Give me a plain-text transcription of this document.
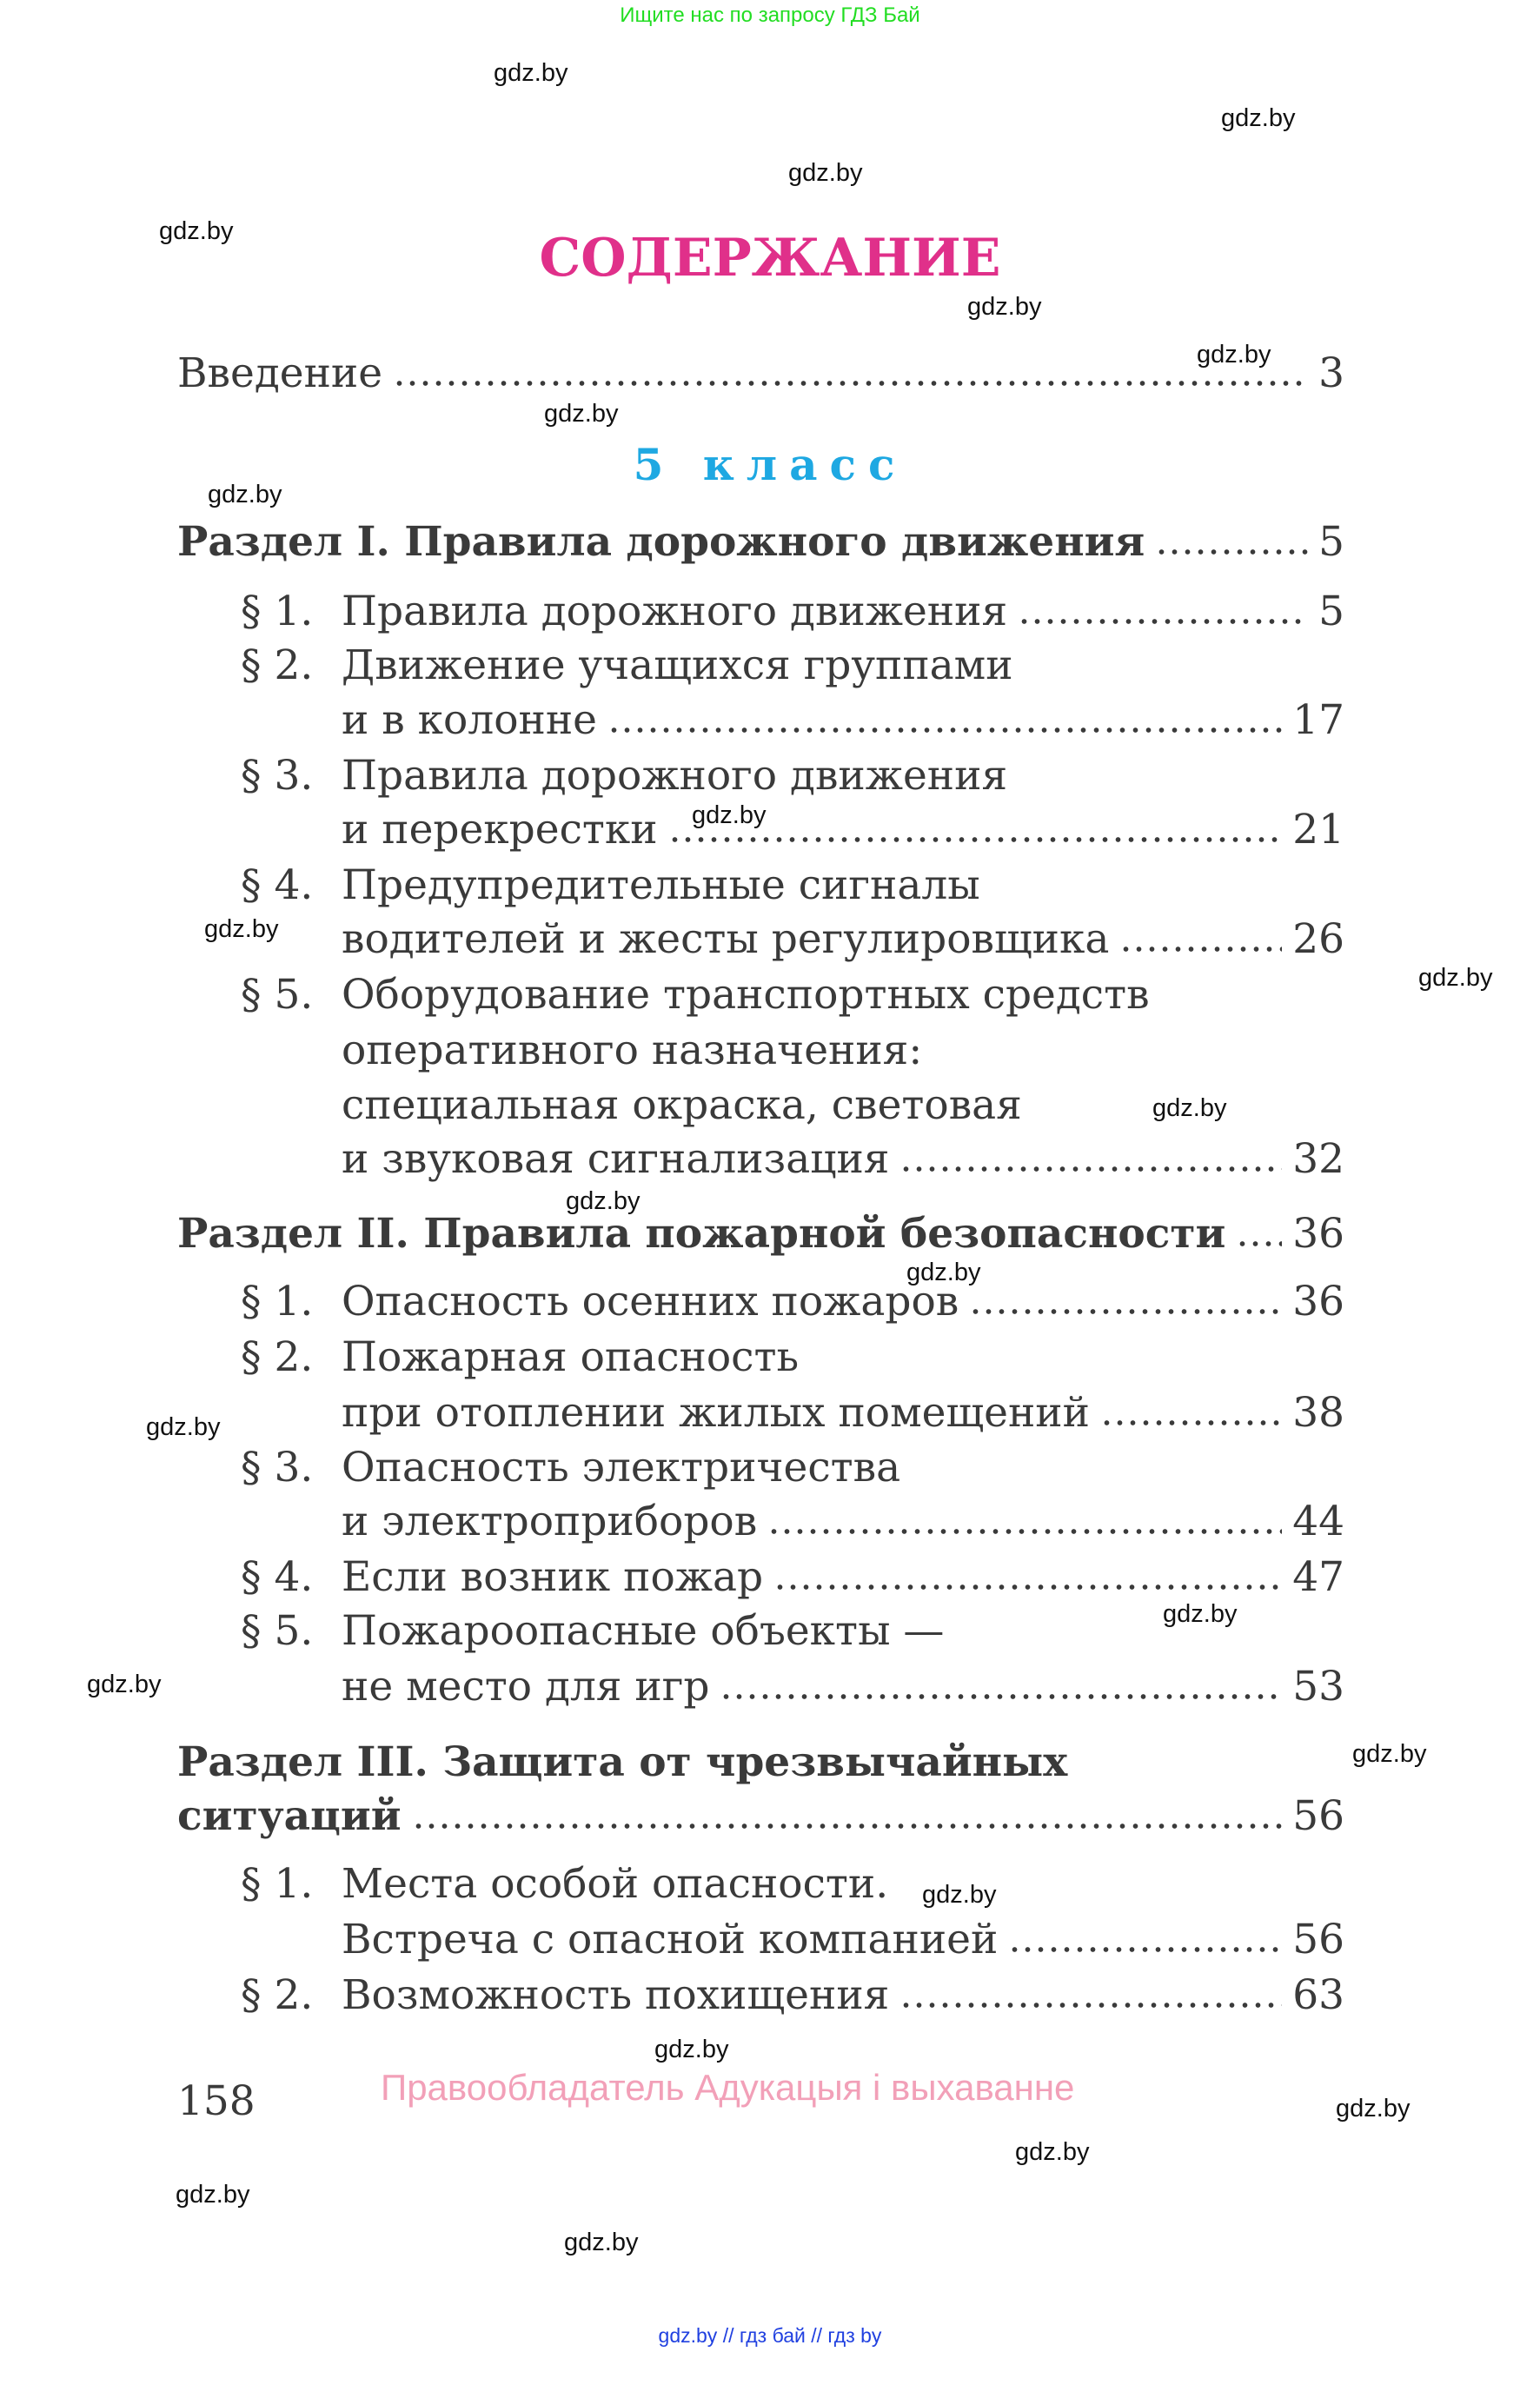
Ищите нас по запросу ГДЗ Бай
СОДЕРЖАНИЕ
Введение	3
5 класс
Раздел I. Правила дорожного движения	5
§ 1. Правила дорожного движения	5
§ 2. Движение учащихся группами
и в колонне	17
§ 3. Правила дорожного движения
и перекрестки	21
§ 4. Предупредительные сигналы
водителей и жесты регулировщика	26
§ 5. Оборудование транспортных средств
оперативного назначения:
специальная окраска, световая
и звуковая сигнализация	32
Раздел II. Правила пожарной безопасности 36
§ 1. Опасность осенних пожаров	36
§ 2. Пожарная опасность
при отоплении жилых помещений	38
§ 3. Опасность электричества
и электроприборов	44
§ 4. Если возник пожар	47
§ 5. Пожароопасные объекты —
не место для игр	53
Раздел III. Защита от чрезвычайных
ситуаций	56
§ 1. Места особой опасности.
Встреча с опасной компанией	56
§ 2. Возможность похищения	63
158	Правообладатель Адукацыя і выхаванне
gdz.by // гдз бай // гдз by
gdz.by
gdz.by
gdz.by
gdz.by
gdz.by
gdz.by
gdz.by
gdz.by
gdz.by
gdz.by
gdz.by
gdz.by
gdz.by
gdz.by
gdz.by
gdz.by
gdz.by
gdz.by
gdz.by
gdz.by
gdz.by
gdz.by
gdz.by
gdz.by
